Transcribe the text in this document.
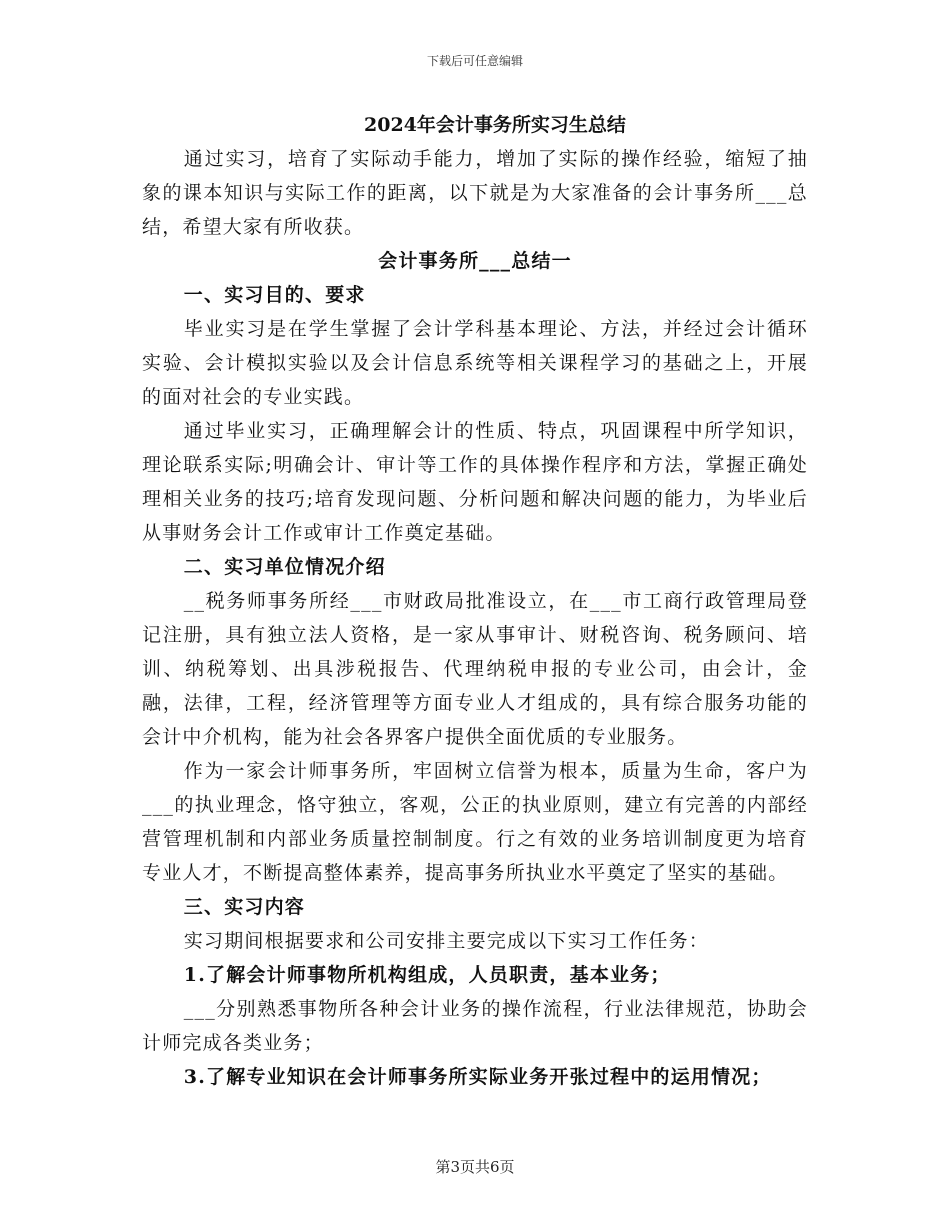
下载后可任意编辑
2024年会计事务所实习生总结

通过实习，培育了实际动手能力，增加了实际的操作经验，缩短了抽象的课本知识与实际工作的距离，以下就是为大家准备的会计事务所___总结，希望大家有所收获。

会计事务所___总结一

一、实习目的、要求

毕业实习是在学生掌握了会计学科基本理论、方法，并经过会计循环实验、会计模拟实验以及会计信息系统等相关课程学习的基础之上，开展的面对社会的专业实践。

通过毕业实习，正确理解会计的性质、特点，巩固课程中所学知识，理论联系实际;明确会计、审计等工作的具体操作程序和方法，掌握正确处理相关业务的技巧;培育发现问题、分析问题和解决问题的能力，为毕业后从事财务会计工作或审计工作奠定基础。

二、实习单位情况介绍

__税务师事务所经___市财政局批准设立，在___市工商行政管理局登记注册，具有独立法人资格，是一家从事审计、财税咨询、税务顾问、培训、纳税筹划、出具涉税报告、代理纳税申报的专业公司，由会计，金融，法律，工程，经济管理等方面专业人才组成的，具有综合服务功能的会计中介机构，能为社会各界客户提供全面优质的专业服务。

作为一家会计师事务所，牢固树立信誉为根本，质量为生命，客户为___的执业理念，恪守独立，客观，公正的执业原则，建立有完善的内部经营管理机制和内部业务质量控制制度。行之有效的业务培训制度更为培育专业人才，不断提高整体素养，提高事务所执业水平奠定了坚实的基础。

三、实习内容

实习期间根据要求和公司安排主要完成以下实习工作任务：

1.了解会计师事物所机构组成，人员职责，基本业务；

___分别熟悉事物所各种会计业务的操作流程，行业法律规范，协助会计师完成各类业务；

3.了解专业知识在会计师事务所实际业务开张过程中的运用情况；

第3页共6页
